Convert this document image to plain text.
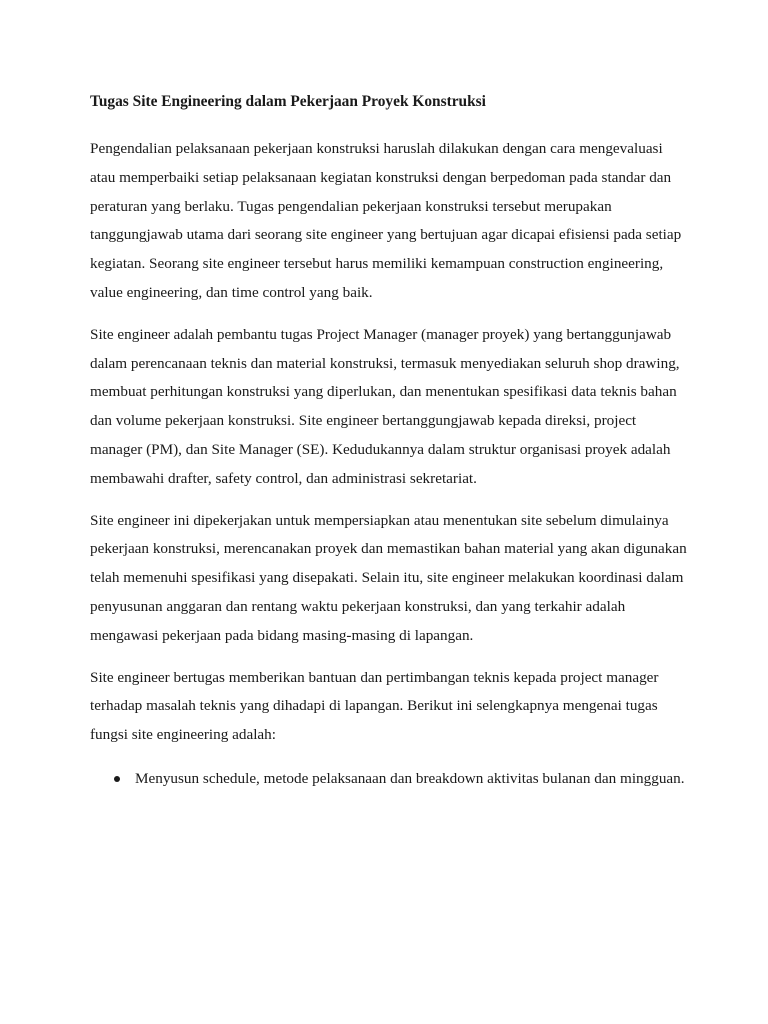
Tugas Site Engineering dalam Pekerjaan Proyek Konstruksi

Pengendalian pelaksanaan pekerjaan konstruksi haruslah dilakukan dengan cara mengevaluasi atau memperbaiki setiap pelaksanaan kegiatan konstruksi dengan berpedoman pada standar dan peraturan yang berlaku. Tugas pengendalian pekerjaan konstruksi tersebut merupakan tanggungjawab utama dari seorang site engineer yang bertujuan agar dicapai efisiensi pada setiap kegiatan. Seorang site engineer tersebut harus memiliki kemampuan construction engineering, value engineering, dan time control yang baik.

Site engineer adalah pembantu tugas Project Manager (manager proyek) yang bertanggunjawab dalam perencanaan teknis dan material konstruksi, termasuk menyediakan seluruh shop drawing, membuat perhitungan konstruksi yang diperlukan, dan menentukan spesifikasi data teknis bahan dan volume pekerjaan konstruksi. Site engineer bertanggungjawab kepada direksi, project manager (PM), dan Site Manager (SE). Kedudukannya dalam struktur organisasi proyek adalah membawahi drafter, safety control, dan administrasi sekretariat.

Site engineer ini dipekerjakan untuk mempersiapkan atau menentukan site sebelum dimulainya pekerjaan konstruksi, merencanakan proyek dan memastikan bahan material yang akan digunakan telah memenuhi spesifikasi yang disepakati. Selain itu, site engineer melakukan koordinasi dalam penyusunan anggaran dan rentang waktu pekerjaan konstruksi, dan yang terkahir adalah mengawasi pekerjaan pada bidang masing-masing di lapangan.

Site engineer bertugas memberikan bantuan dan pertimbangan teknis kepada project manager terhadap masalah teknis yang dihadapi di lapangan. Berikut ini selengkapnya mengenai tugas fungsi site engineering adalah:

Menyusun schedule, metode pelaksanaan dan breakdown aktivitas bulanan dan mingguan.
